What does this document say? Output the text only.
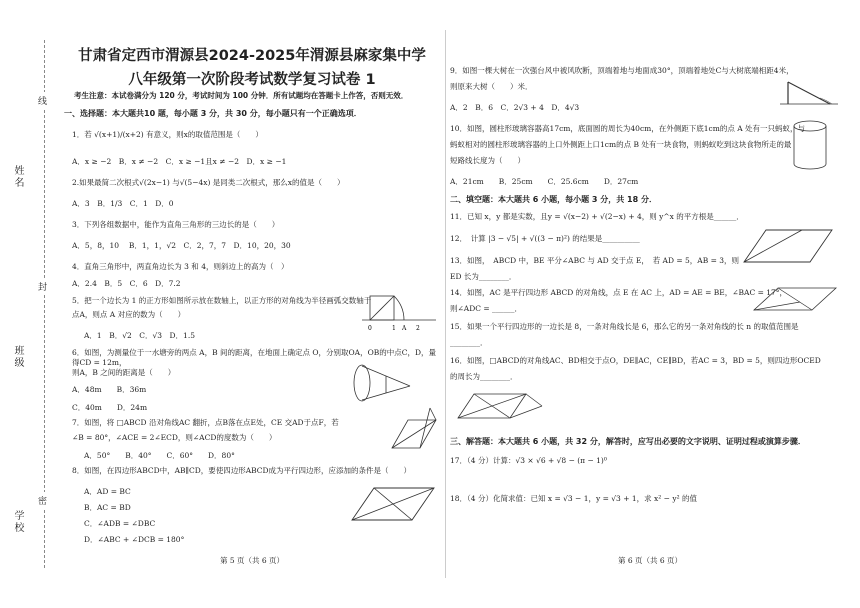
姓名
班级
学校
线
封
密
甘肃省定西市渭源县2024-2025年渭源县麻家集中学
八年级第一次阶段考试数学复习试卷 1
考生注意：本试卷满分为 120 分，考试时间为 100 分钟．所有试题均在答题卡上作答，否则无效．
一、选择题：本大题共10 题，每小题 3 分，共 30 分，每小题只有一个正确选项．
1．若 √(x+1)/(x+2) 有意义，则x的取值范围是（　　）
A．x ≥ −2　B．x ≠ −2　C．x ≥ −1且x ≠ −2　D．x ≥ −1
2.如果最简二次根式√(2x−1) 与√(5−4x) 是同类二次根式，那么x的值是（　　）
A．3　B．1/3　C．1　D．0
3．下列各组数据中，能作为直角三角形的三边长的是（　　）
A．5，8，10　 B．1，1，√2　C．2，7，7　D．10，20，30
4．直角三角形中，两直角边长为 3 和 4，则斜边上的高为（　）
A．2.4　B．5　C．6　D．7.2
5．把一个边长为 1 的正方形如图所示放在数轴上，以正方形的对角线为半径画弧交数轴于
点A，则点 A 对应的数为（　　）
A．1　B．√2　C．√3　D．1.5
0	1 A 2
6．如图，为测量位于一水塘旁的两点 A，B 间的距离，在地面上确定点 O，分别取OA，OB的中点C，D，量得CD = 12m，
则A，B 之间的距离是（　　）
A．48m　　B．36m
C．40m　　D．24m
7．如图，将 □ABCD 沿对角线AC 翻折，点B落在点E处，CE 交AD于点F，若
∠B = 80°，∠ACE = 2∠ECD，则∠ACD的度数为（　　）
A．50°　　B．40°　　C．60°　　D．80°
8．如图，在四边形ABCD中，AB∥CD，要使四边形ABCD成为平行四边形，应添加的条件是（　　）
A．AD = BC
B．AC = BD
C．∠ADB = ∠DBC
D．∠ABC + ∠DCB = 180°
第 5 页（共 6 页）
9．如图一棵大树在一次强台风中被风吹断，顶端着地与地面成30°，顶端着地处C与大树底端相距4米，
则原来大树（　　）米．
A．2　B．6　C．2√3 + 4　D．4√3
10．如图，圆柱形玻璃容器高17cm，底面圆的周长为40cm，在外侧距下底1cm的点 A 处有一只蚂蚁，与
蚂蚁相对的圆柱形玻璃容器的上口外侧距上口1cm的点 B 处有一块食物，则蚂蚁吃到这块食物所走的最
短路线长度为（　　）
A．21cm　　B．25cm　　C．25.6cm　　D．27cm
二、填空题：本大题共 6 小题，每小题 3 分，共 18 分．
11．已知 x，y 都是实数，且y = √(x−2) + √(2−x) + 4，则 y^x 的平方根是______．
12．　计算 |3 − √5| + √((3 − π)²) 的结果是__________
13．如图，　ABCD 中，BE 平分∠ABC 与 AD 交于点 E，　若 AD = 5，AB = 3，则
ED 长为________．
14．如图，AC 是平行四边形 ABCD 的对角线，点 E 在 AC 上，AD = AE = BE，∠BAC = 17°，
则∠ADC = ______．
15．如果一个平行四边形的一边长是 8，一条对角线长是 6，那么它的另一条对角线的长 n 的取值范围是
________．
16．如图，□ABCD的对角线AC、BD相交于点O，DE∥AC，CE∥BD，若AC = 3，BD = 5，则四边形OCED
的周长为________．
三、解答题：本大题共 6 小题，共 32 分，解答时，应写出必要的文字说明、证明过程或演算步骤．
17．（4 分）计算：√3 × √6 + √8 − (π − 1)⁰
18．（4 分）化简求值：已知 x = √3 − 1，y = √3 + 1，求 x² − y² 的值
第 6 页（共 6 页）
